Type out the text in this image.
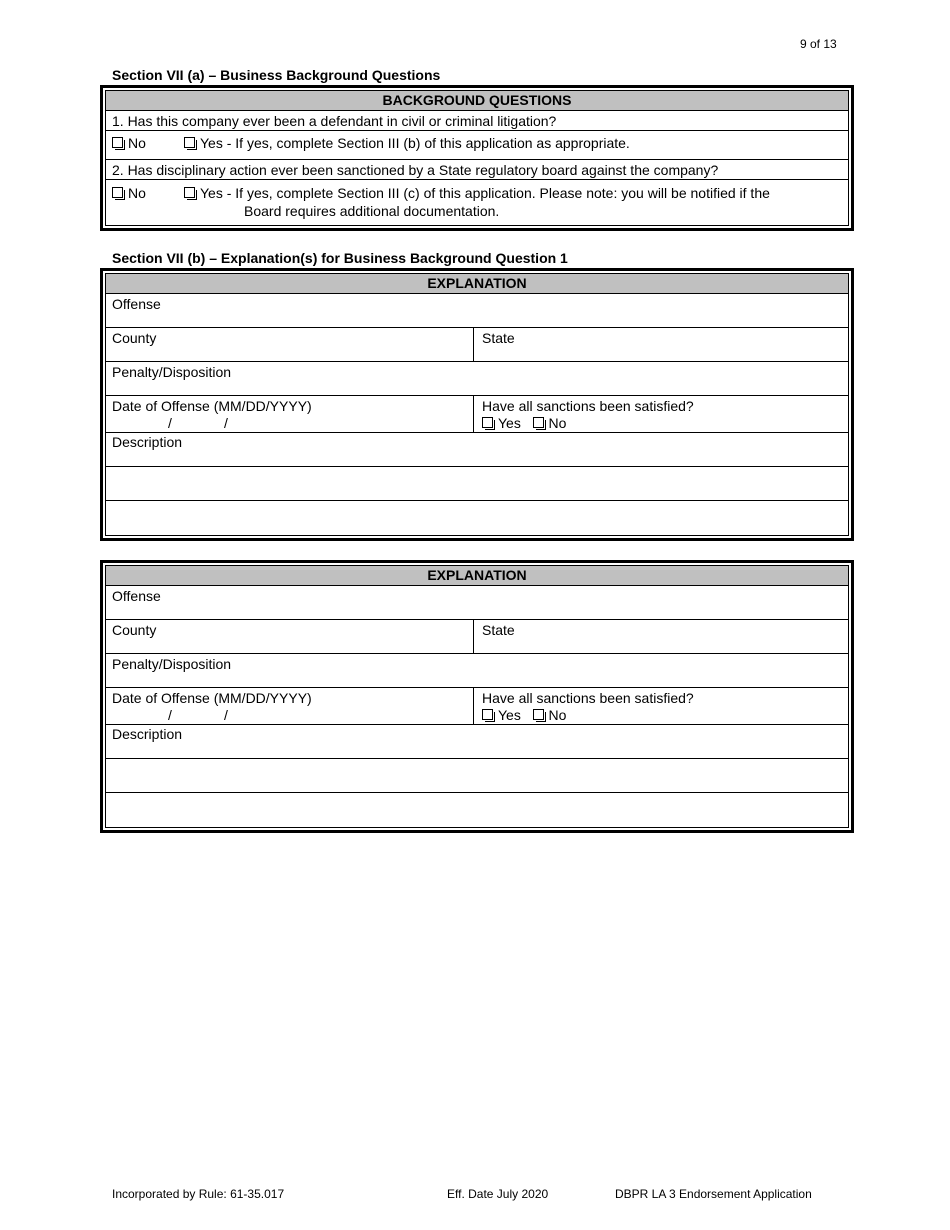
9 of 13
Section VII (a) – Business Background Questions
BACKGROUND QUESTIONS
1. Has this company ever been a defendant in civil or criminal litigation?
No	Yes - If yes, complete Section III (b) of this application as appropriate.
2. Has disciplinary action ever been sanctioned by a State regulatory board against the company?
No	Yes - If yes, complete Section III (c) of this application. Please note: you will be notified if the
Board requires additional documentation.
Section VII (b) – Explanation(s) for Business Background Question 1
EXPLANATION
Offense
County	State
Penalty/Disposition
Date of Offense (MM/DD/YYYY)
/	/
Have all sanctions been satisfied?
Yes No
Description
EXPLANATION
Offense
County	State
Penalty/Disposition
Date of Offense (MM/DD/YYYY)
/	/
Have all sanctions been satisfied?
Yes No
Description
Incorporated by Rule: 61-35.017	Eff. Date July 2020	DBPR LA 3 Endorsement Application
